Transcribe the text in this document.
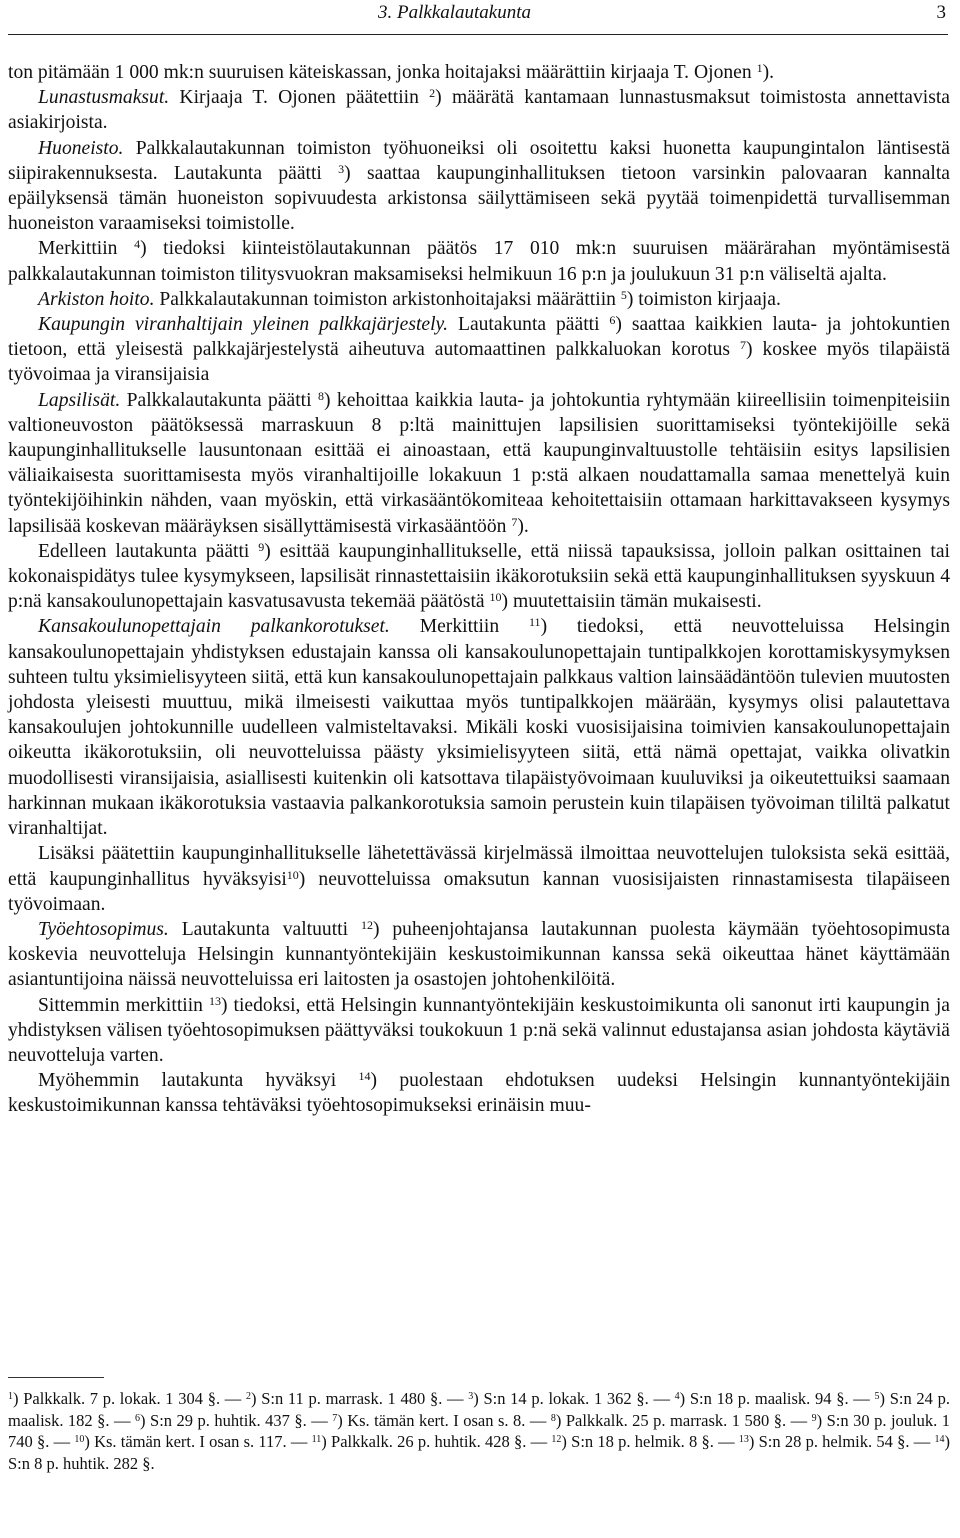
3. Palkkalautakunta	3

ton pitämään 1 000 mk:n suuruisen käteiskassan, jonka hoitajaksi määrättiin kirjaaja T. Ojonen $^1$).

Lunastusmaksut. Kirjaaja T. Ojonen päätettiin $^2$) määrätä kantamaan lunnastusmaksut toimistosta annettavista asiakirjoista.

Huoneisto. Palkkalautakunnan toimiston työhuoneiksi oli osoitettu kaksi huonetta kaupungintalon läntisestä siipirakennuksesta. Lautakunta päätti $^3$) saattaa kaupunginhallituksen tietoon varsinkin palovaaran kannalta epäilyksensä tämän huoneiston sopivuudesta arkistonsa säilyttämiseen sekä pyytää toimenpidettä turvallisemman huoneiston varaamiseksi toimistolle.

Merkittiin $^4$) tiedoksi kiinteistölautakunnan päätös 17 010 mk:n suuruisen määrärahan myöntämisestä palkkalautakunnan toimiston tilitysvuokran maksamiseksi helmikuun 16 p:n ja joulukuun 31 p:n väliseltä ajalta.

Arkiston hoito. Palkkalautakunnan toimiston arkistonhoitajaksi määrättiin $^5$) toimiston kirjaaja.

Kaupungin viranhaltijain yleinen palkkajärjestely. Lautakunta päätti $^6$) saattaa kaikkien lauta- ja johtokuntien tietoon, että yleisestä palkkajärjestelystä aiheutuva automaattinen palkkaluokan korotus $^7$) koskee myös tilapäistä työvoimaa ja viransijaisia

Lapsilisät. Palkkalautakunta päätti $^8$) kehoittaa kaikkia lauta- ja johtokuntia ryhtymään kiireellisiin toimenpiteisiin valtioneuvoston päätöksessä marraskuun 8 p:ltä mainittujen lapsilisien suorittamiseksi työntekijöille sekä kaupunginhallitukselle lausuntonaan esittää ei ainoastaan, että kaupunginvaltuustolle tehtäisiin esitys lapsilisien väliaikaisesta suorittamisesta myös viranhaltijoille lokakuun 1 p:stä alkaen noudattamalla samaa menettelyä kuin työntekijöihinkin nähden, vaan myöskin, että virkasääntökomiteaa kehoitettaisiin ottamaan harkittavakseen kysymys lapsilisää koskevan määräyksen sisällyttämisestä virkasääntöön $^7$).

Edelleen lautakunta päätti $^9$) esittää kaupunginhallitukselle, että niissä tapauksissa, jolloin palkan osittainen tai kokonaispidätys tulee kysymykseen, lapsilisät rinnastettaisiin ikäkorotuksiin sekä että kaupunginhallituksen syyskuun 4 p:nä kansakoulunopettajain kasvatusavusta tekemää päätöstä $^{10}$) muutettaisiin tämän mukaisesti.

Kansakoulunopettajain palkankorotukset. Merkittiin $^{11}$) tiedoksi, että neuvotteluissa Helsingin kansakoulunopettajain yhdistyksen edustajain kanssa oli kansakoulunopettajain tuntipalkkojen korottamiskysymyksen suhteen tultu yksimielisyyteen siitä, että kun kansakoulunopettajain palkkaus valtion lainsäädäntöön tulevien muutosten johdosta yleisesti muuttuu, mikä ilmeisesti vaikuttaa myös tuntipalkkojen määrään, kysymys olisi palautettava kansakoulujen johtokunnille uudelleen valmisteltavaksi. Mikäli koski vuosisijaisina toimivien kansakoulunopettajain oikeutta ikäkorotuksiin, oli neuvotteluissa päästy yksimielisyyteen siitä, että nämä opettajat, vaikka olivatkin muodollisesti viransijaisia, asiallisesti kuitenkin oli katsottava tilapäistyövoimaan kuuluviksi ja oikeutettuiksi saamaan harkinnan mukaan ikäkorotuksia vastaavia palkankorotuksia samoin perustein kuin tilapäisen työvoiman tililtä palkatut viranhaltijat.

Lisäksi päätettiin kaupunginhallitukselle lähetettävässä kirjelmässä ilmoittaa neuvottelujen tuloksista sekä esittää, että kaupunginhallitus hyväksyisi$^{10}$) neuvotteluissa omaksutun kannan vuosisijaisten rinnastamisesta tilapäiseen työvoimaan.

Työehtosopimus. Lautakunta valtuutti $^{12}$) puheenjohtajansa lautakunnan puolesta käymään työehtosopimusta koskevia neuvotteluja Helsingin kunnantyöntekijäin keskustoimikunnan kanssa sekä oikeuttaa hänet käyttämään asiantuntijoina näissä neuvotteluissa eri laitosten ja osastojen johtohenkilöitä.

Sittemmin merkittiin $^{13}$) tiedoksi, että Helsingin kunnantyöntekijäin keskustoimikunta oli sanonut irti kaupungin ja yhdistyksen välisen työehtosopimuksen päättyväksi toukokuun 1 p:nä sekä valinnut edustajansa asian johdosta käytäviä neuvotteluja varten.

Myöhemmin lautakunta hyväksyi $^{14}$) puolestaan ehdotuksen uudeksi Helsingin kunnantyöntekijäin keskustoimikunnan kanssa tehtäväksi työehtosopimukseksi erinäisin muu-

$^1$) Palkkalk. 7 p. lokak. 1 304 §. — $^2$) S:n 11 p. marrask. 1 480 §. — $^3$) S:n 14 p. lokak. 1 362 §. — $^4$) S:n 18 p. maalisk. 94 §. — $^5$) S:n 24 p. maalisk. 182 §. — $^6$) S:n 29 p. huhtik. 437 §. — $^7$) Ks. tämän kert. I osan s. 8. — $^8$) Palkkalk. 25 p. marrask. 1 580 §. — $^9$) S:n 30 p. jouluk. 1 740 §. — $^{10}$) Ks. tämän kert. I osan s. 117. — $^{11}$) Palkkalk. 26 p. huhtik. 428 §. — $^{12}$) S:n 18 p. helmik. 8 §. — $^{13}$) S:n 28 p. helmik. 54 §. — $^{14}$) S:n 8 p. huhtik. 282 §.
